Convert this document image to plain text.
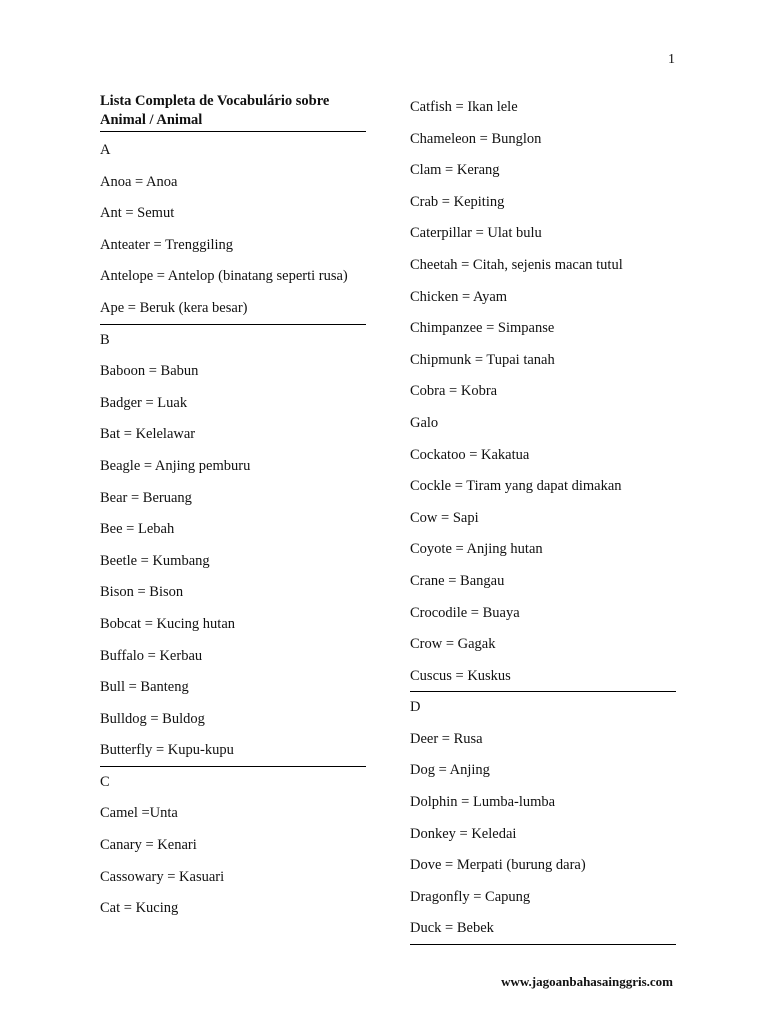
1
Lista Completa de Vocabulário sobre
Animal / Animal
A
Anoa = Anoa
Ant = Semut
Anteater = Trenggiling
Antelope = Antelop (binatang seperti rusa)
Ape = Beruk (kera besar)
B
Baboon = Babun
Badger = Luak
Bat = Kelelawar
Beagle = Anjing pemburu
Bear = Beruang
Bee = Lebah
Beetle = Kumbang
Bison = Bison
Bobcat = Kucing hutan
Buffalo = Kerbau
Bull = Banteng
Bulldog = Buldog
Butterfly = Kupu-kupu
C
Camel =Unta
Canary = Kenari
Cassowary = Kasuari
Cat = Kucing
Catfish = Ikan lele
Chameleon = Bunglon
Clam = Kerang
Crab = Kepiting
Caterpillar = Ulat bulu
Cheetah = Citah, sejenis macan tutul
Chicken = Ayam
Chimpanzee = Simpanse
Chipmunk = Tupai tanah
Cobra = Kobra
Galo
Cockatoo = Kakatua
Cockle = Tiram yang dapat dimakan
Cow = Sapi
Coyote = Anjing hutan
Crane = Bangau
Crocodile = Buaya
Crow = Gagak
Cuscus = Kuskus
D
Deer = Rusa
Dog = Anjing
Dolphin = Lumba-lumba
Donkey = Keledai
Dove = Merpati (burung dara)
Dragonfly = Capung
Duck = Bebek
www.jagoanbahasainggris.com
